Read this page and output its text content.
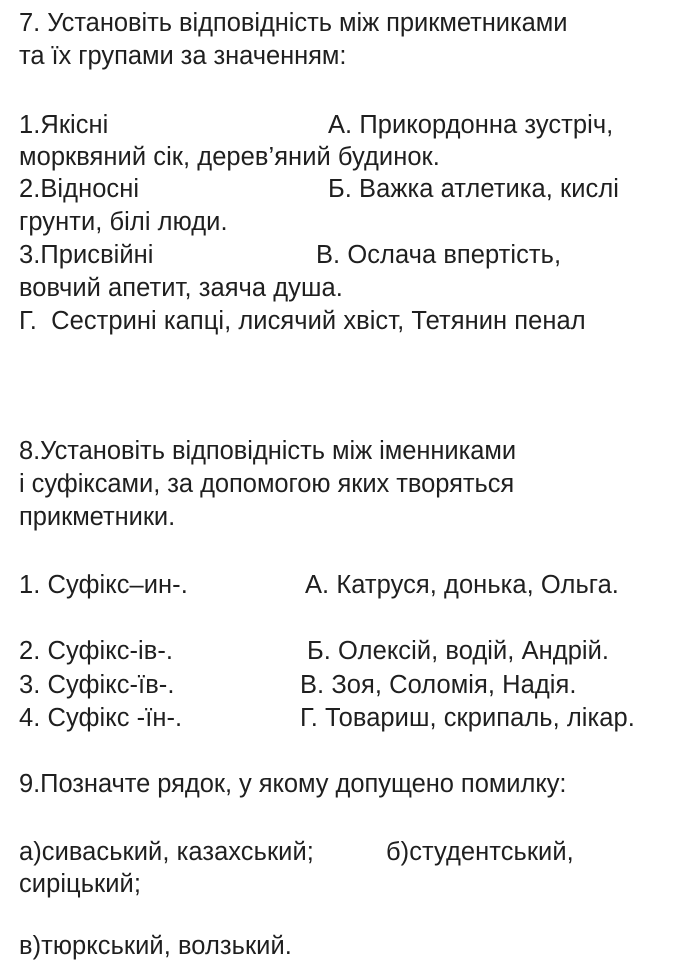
7. Установіть відповідність між прикметниками
та їх групами за значенням:
1.Якісні	А. Прикордонна зустріч,
морквяний сік, дерев’яний будинок.
2.Відносні	Б. Важка атлетика, кислі
грунти, білі люди.
3.Присвійні	В. Ослача впертість,
вовчий апетит, заяча душа.
Г.  Сестрині капці, лисячий хвіст, Тетянин пенал
8.Установіть відповідність між іменниками
і суфіксами, за допомогою яких творяться
прикметники.
1. Суфікс–ин-.	А. Катруся, донька, Ольга.
2. Суфікс-ів-.	Б. Олексій, водій, Андрій.
3. Суфікс-їв-.	В. Зоя, Соломія, Надія.
4. Суфікс -їн-.	Г. Товариш, скрипаль, лікар.
9.Позначте рядок, у якому допущено помилку:
а)сиваський, казахський;	б)студентський,
сиріцький;
в)тюркський, волзький.
